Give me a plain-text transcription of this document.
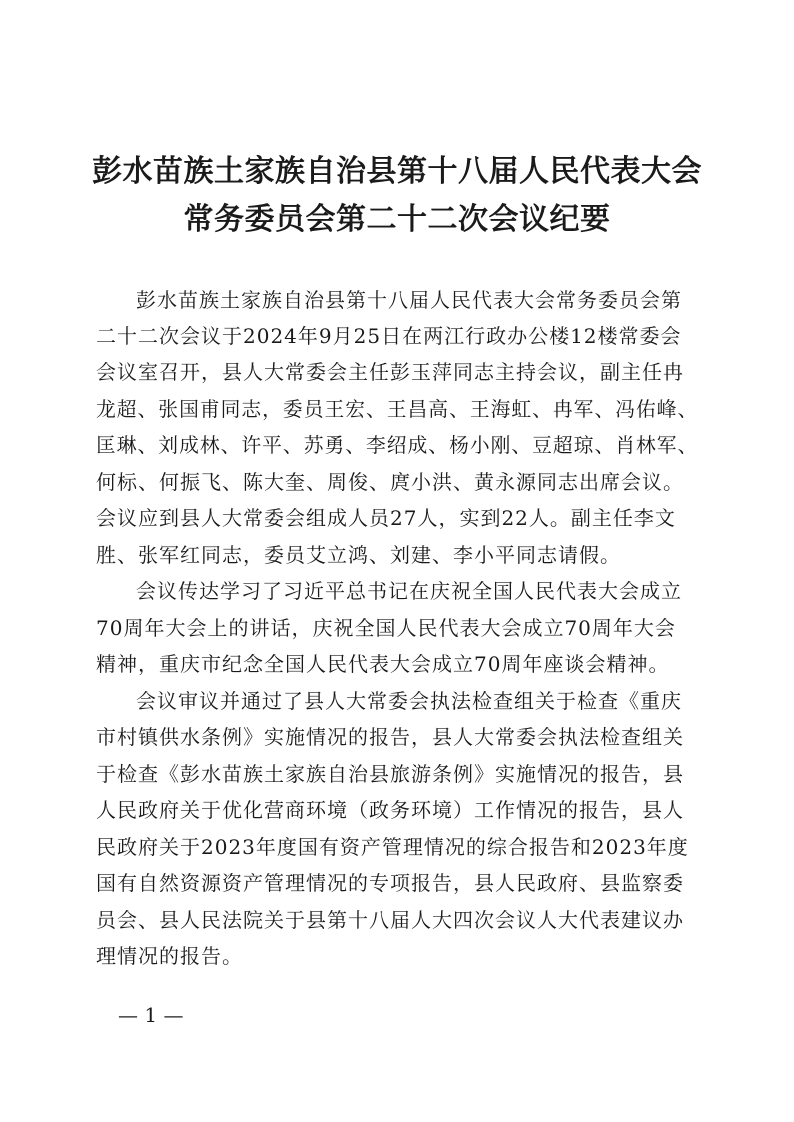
彭水苗族土家族自治县第十八届人民代表大会
常务委员会第二十二次会议纪要
彭水苗族土家族自治县第十八届人民代表大会常务委员会第
二十二次会议于2024年9月25日在两江行政办公楼12楼常委会
会议室召开，县人大常委会主任彭玉萍同志主持会议，副主任冉
龙超、张国甫同志，委员王宏、王昌高、王海虹、冉军、冯佑峰、
匡琳、刘成林、许平、苏勇、李绍成、杨小刚、豆超琼、肖林军、
何标、何振飞、陈大奎、周俊、庹小洪、黄永源同志出席会议。
会议应到县人大常委会组成人员27人，实到22人。副主任李文
胜、张军红同志，委员艾立鸿、刘建、李小平同志请假。
会议传达学习了习近平总书记在庆祝全国人民代表大会成立
70周年大会上的讲话，庆祝全国人民代表大会成立70周年大会
精神，重庆市纪念全国人民代表大会成立70周年座谈会精神。
会议审议并通过了县人大常委会执法检查组关于检查《重庆
市村镇供水条例》实施情况的报告，县人大常委会执法检查组关
于检查《彭水苗族土家族自治县旅游条例》实施情况的报告，县
人民政府关于优化营商环境（政务环境）工作情况的报告，县人
民政府关于2023年度国有资产管理情况的综合报告和2023年度
国有自然资源资产管理情况的专项报告，县人民政府、县监察委
员会、县人民法院关于县第十八届人大四次会议人大代表建议办
理情况的报告。
— 1 —
